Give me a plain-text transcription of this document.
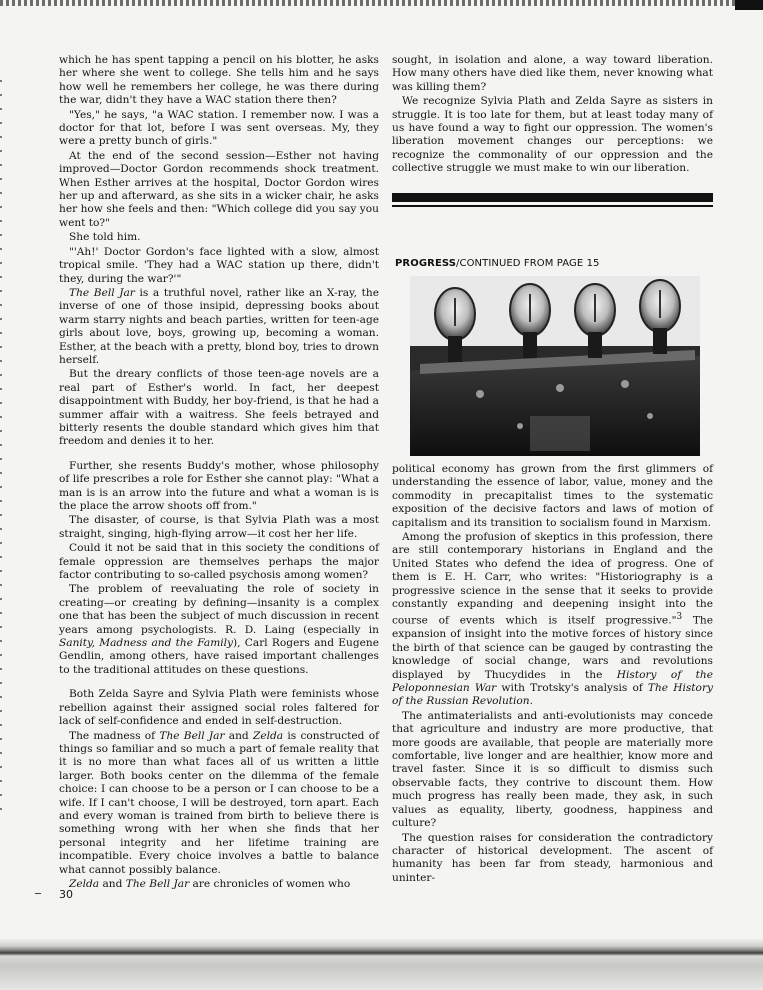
which he has spent tapping a pencil on his blotter, he asks her where she went to college. She tells him and he says how well he remembers her college, he was there during the war, didn't they have a WAC station there then?

"Yes," he says, "a WAC station. I remember now. I was a doctor for that lot, before I was sent overseas. My, they were a pretty bunch of girls."

At the end of the second session—Esther not having improved—Doctor Gordon recommends shock treatment. When Esther arrives at the hospital, Doctor Gordon wires her up and afterward, as she sits in a wicker chair, he asks her how she feels and then: "Which college did you say you went to?"

She told him.

"'Ah!' Doctor Gordon's face lighted with a slow, almost tropical smile. 'They had a WAC station up there, didn't they, during the war?'"

The Bell Jar is a truthful novel, rather like an X-ray, the inverse of one of those insipid, depressing books about warm starry nights and beach parties, written for teen-age girls about love, boys, growing up, becoming a woman. Esther, at the beach with a pretty, blond boy, tries to drown herself.

But the dreary conflicts of those teen-age novels are a real part of Esther's world. In fact, her deepest disappointment with Buddy, her boy-friend, is that he had a summer affair with a waitress. She feels betrayed and bitterly resents the double standard which gives him that freedom and denies it to her.

Further, she resents Buddy's mother, whose philosophy of life prescribes a role for Esther she cannot play: "What a man is is an arrow into the future and what a woman is is the place the arrow shoots off from."

The disaster, of course, is that Sylvia Plath was a most straight, singing, high-flying arrow—it cost her her life.

Could it not be said that in this society the conditions of female oppression are themselves perhaps the major factor contributing to so-called psychosis among women?

The problem of reevaluating the role of society in creating—or creating by defining—insanity is a complex one that has been the subject of much discussion in recent years among psychologists. R. D. Laing (especially in Sanity, Madness and the Family), Carl Rogers and Eugene Gendlin, among others, have raised important challenges to the traditional attitudes on these questions.

Both Zelda Sayre and Sylvia Plath were feminists whose rebellion against their assigned social roles faltered for lack of self-confidence and ended in self-destruction.

The madness of The Bell Jar and Zelda is constructed of things so familiar and so much a part of female reality that it is no more than what faces all of us written a little larger. Both books center on the dilemma of the female choice: I can choose to be a person or I can choose to be a wife. If I can't choose, I will be destroyed, torn apart. Each and every woman is trained from birth to believe there is something wrong with her when she finds that her personal integrity and her lifetime training are incompatible. Every choice involves a battle to balance what cannot possibly balance.

Zelda and The Bell Jar are chronicles of women who

sought, in isolation and alone, a way toward liberation. How many others have died like them, never knowing what was killing them?

We recognize Sylvia Plath and Zelda Sayre as sisters in struggle. It is too late for them, but at least today many of us have found a way to fight our oppression. The women's liberation movement changes our perceptions: we recognize the commonality of our oppression and the collective struggle we must make to win our liberation.

PROGRESS/CONTINUED FROM PAGE 15

political economy has grown from the first glimmers of understanding the essence of labor, value, money and the commodity in precapitalist times to the systematic exposition of the decisive factors and laws of motion of capitalism and its transition to socialism found in Marxism.

Among the profusion of skeptics in this profession, there are still contemporary historians in England and the United States who defend the idea of progress. One of them is E. H. Carr, who writes: "Historiography is a progressive science in the sense that it seeks to provide constantly expanding and deepening insight into the course of events which is itself progressive."$^3$ The expansion of insight into the motive forces of history since the birth of that science can be gauged by contrasting the knowledge of social change, wars and revolutions displayed by Thucydides in the History of the Peloponnesian War with Trotsky's analysis of The History of the Russian Revolution.

The antimaterialists and anti-evolutionists may concede that agriculture and industry are more productive, that more goods are available, that people are materially more comfortable, live longer and are healthier, know more and travel faster. Since it is so difficult to dismiss such observable facts, they contrive to discount them. How much progress has really been made, they ask, in such values as equality, liberty, goodness, happiness and culture?

The question raises for consideration the contradictory character of historical development. The ascent of humanity has been far from steady, harmonious and uninter-

30
